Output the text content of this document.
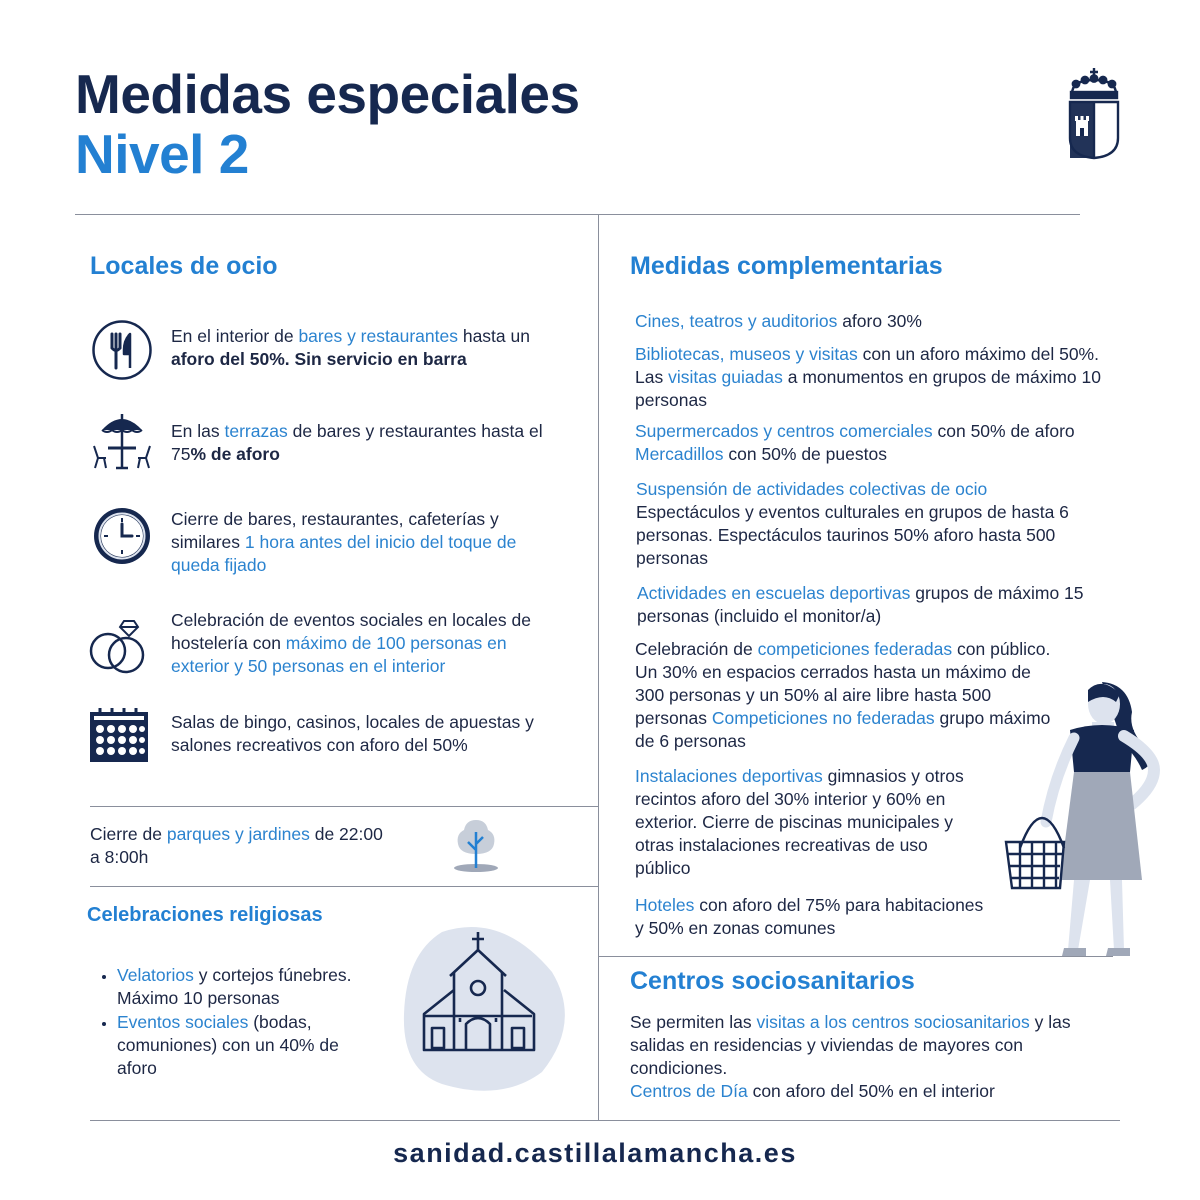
Medidas especiales
Nivel 2
Locales de ocio
En el interior de bares y restaurantes hasta un aforo del 50%. Sin servicio en barra
En las terrazas de bares y restaurantes hasta el 75% de aforo
Cierre de bares, restaurantes, cafeterías y similares 1 hora antes del inicio del toque de queda fijado
Celebración de eventos sociales en locales de hostelería con máximo de 100 personas en exterior y 50 personas en el interior
Salas de bingo, casinos, locales de apuestas y salones recreativos con aforo del 50%
Cierre de parques y jardines de 22:00 a 8:00h
Celebraciones religiosas
• Velatorios y cortejos fúnebres. Máximo 10 personas
• Eventos sociales (bodas, comuniones) con un 40% de aforo
Medidas complementarias
Cines, teatros y auditorios aforo 30%
Bibliotecas, museos y visitas con un aforo máximo del 50%. Las visitas guiadas a monumentos en grupos de máximo 10 personas
Supermercados y centros comerciales con 50% de aforo
Mercadillos con 50% de puestos
Suspensión de actividades colectivas de ocio
Espectáculos y eventos culturales en grupos de hasta 6 personas. Espectáculos taurinos 50% aforo hasta 500 personas
Actividades en escuelas deportivas grupos de máximo 15 personas (incluido el monitor/a)
Celebración de competiciones federadas con público. Un 30% en espacios cerrados hasta un máximo de 300 personas y un 50% al aire libre hasta 500 personas Competiciones no federadas grupo máximo de 6 personas
Instalaciones deportivas gimnasios y otros recintos aforo del 30% interior y 60% en exterior. Cierre de piscinas municipales y otras instalaciones recreativas de uso público
Hoteles con aforo del 75% para habitaciones y 50% en zonas comunes
Centros sociosanitarios
Se permiten las visitas a los centros sociosanitarios y las salidas en residencias y viviendas de mayores con condiciones.
Centros de Día con aforo del 50% en el interior
sanidad.castillalamancha.es
